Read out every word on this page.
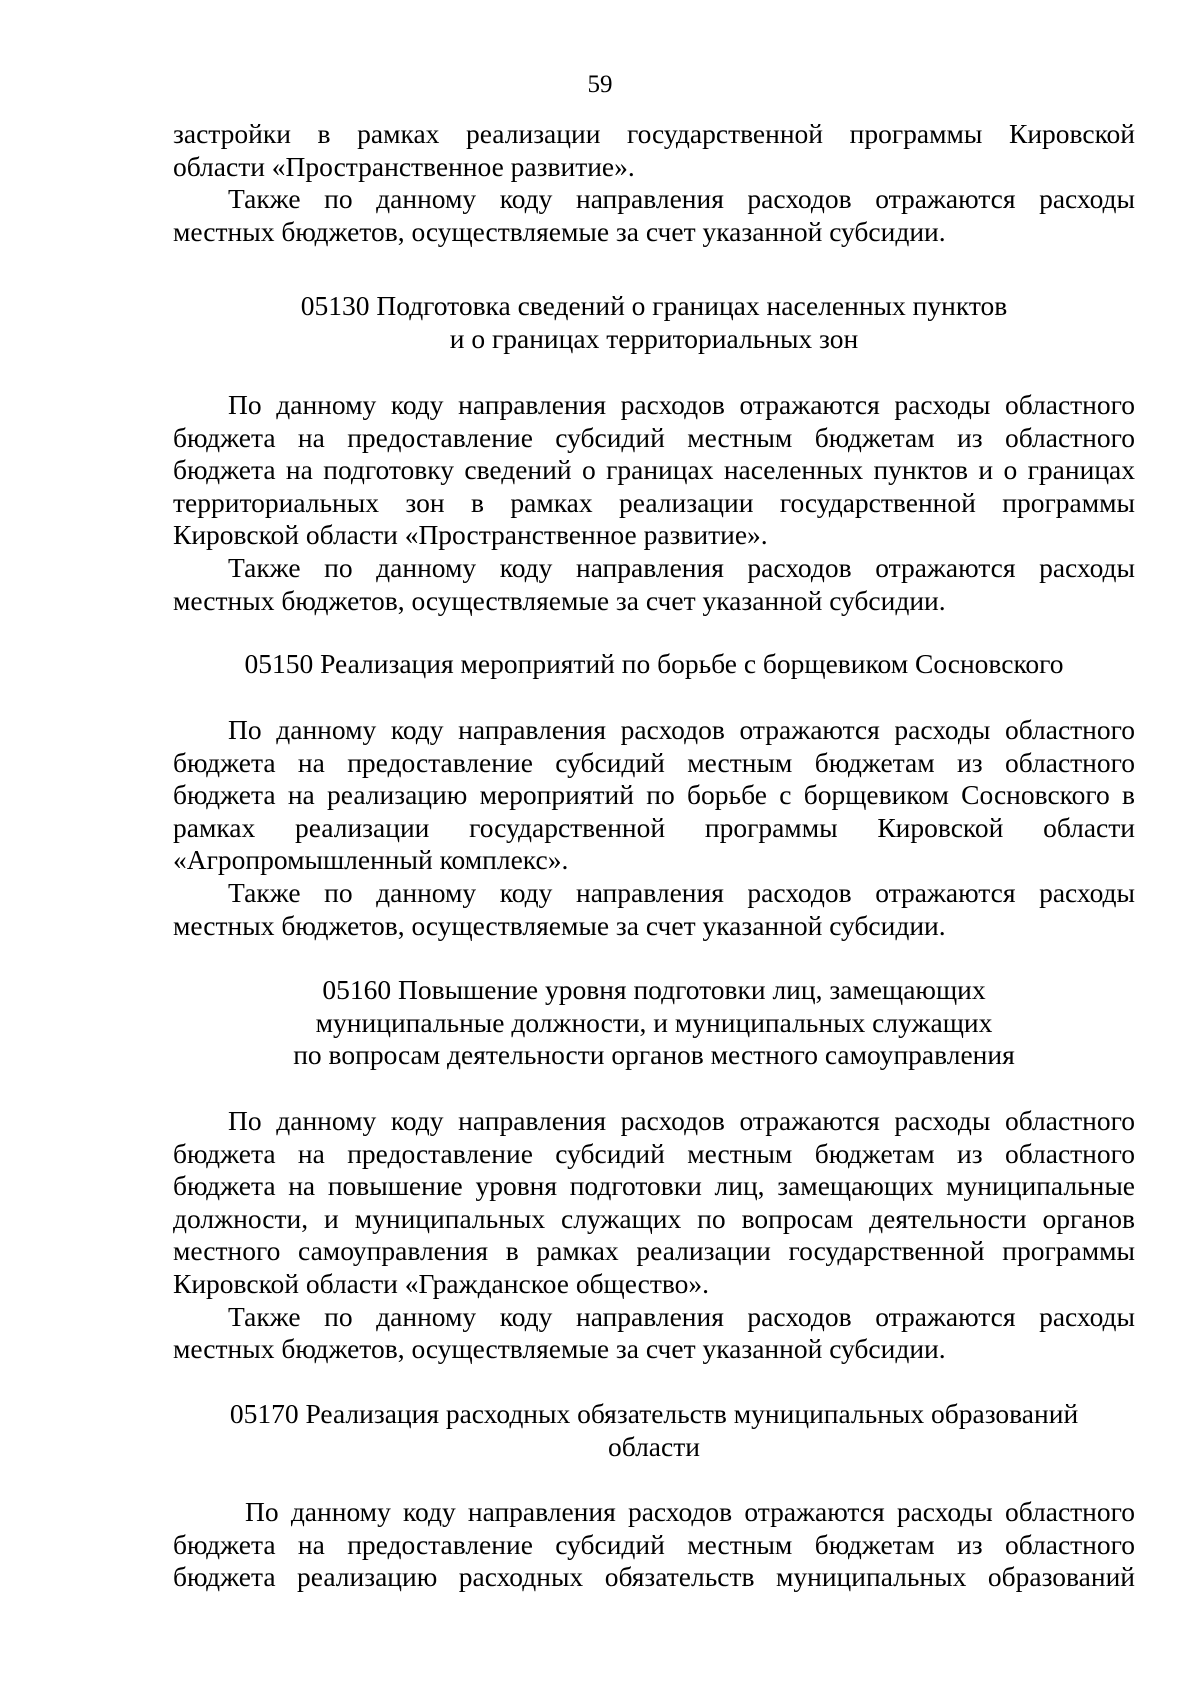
59
застройки в рамках реализации государственной программы Кировской
области «Пространственное развитие».
Также по данному коду направления расходов отражаются расходы
местных бюджетов, осуществляемые за счет указанной субсидии.
05130 Подготовка сведений о границах населенных пунктов
и о границах территориальных зон
По данному коду направления расходов отражаются расходы областного
бюджета на предоставление субсидий местным бюджетам из областного
бюджета на подготовку сведений о границах населенных пунктов и о границах
территориальных зон в рамках реализации государственной программы
Кировской области «Пространственное развитие».
Также по данному коду направления расходов отражаются расходы
местных бюджетов, осуществляемые за счет указанной субсидии.
05150 Реализация мероприятий по борьбе с борщевиком Сосновского
По данному коду направления расходов отражаются расходы областного
бюджета на предоставление субсидий местным бюджетам из областного
бюджета на реализацию мероприятий по борьбе с борщевиком Сосновского в
рамках реализации государственной программы Кировской области
«Агропромышленный комплекс».
Также по данному коду направления расходов отражаются расходы
местных бюджетов, осуществляемые за счет указанной субсидии.
05160 Повышение уровня подготовки лиц, замещающих
муниципальные должности, и муниципальных служащих
по вопросам деятельности органов местного самоуправления
По данному коду направления расходов отражаются расходы областного
бюджета на предоставление субсидий местным бюджетам из областного
бюджета на повышение уровня подготовки лиц, замещающих муниципальные
должности, и муниципальных служащих по вопросам деятельности органов
местного самоуправления в рамках реализации государственной программы
Кировской области «Гражданское общество».
Также по данному коду направления расходов отражаются расходы
местных бюджетов, осуществляемые за счет указанной субсидии.
05170 Реализация расходных обязательств муниципальных образований
области
По данному коду направления расходов отражаются расходы областного
бюджета на предоставление субсидий местным бюджетам из областного
бюджета реализацию расходных обязательств муниципальных образований
